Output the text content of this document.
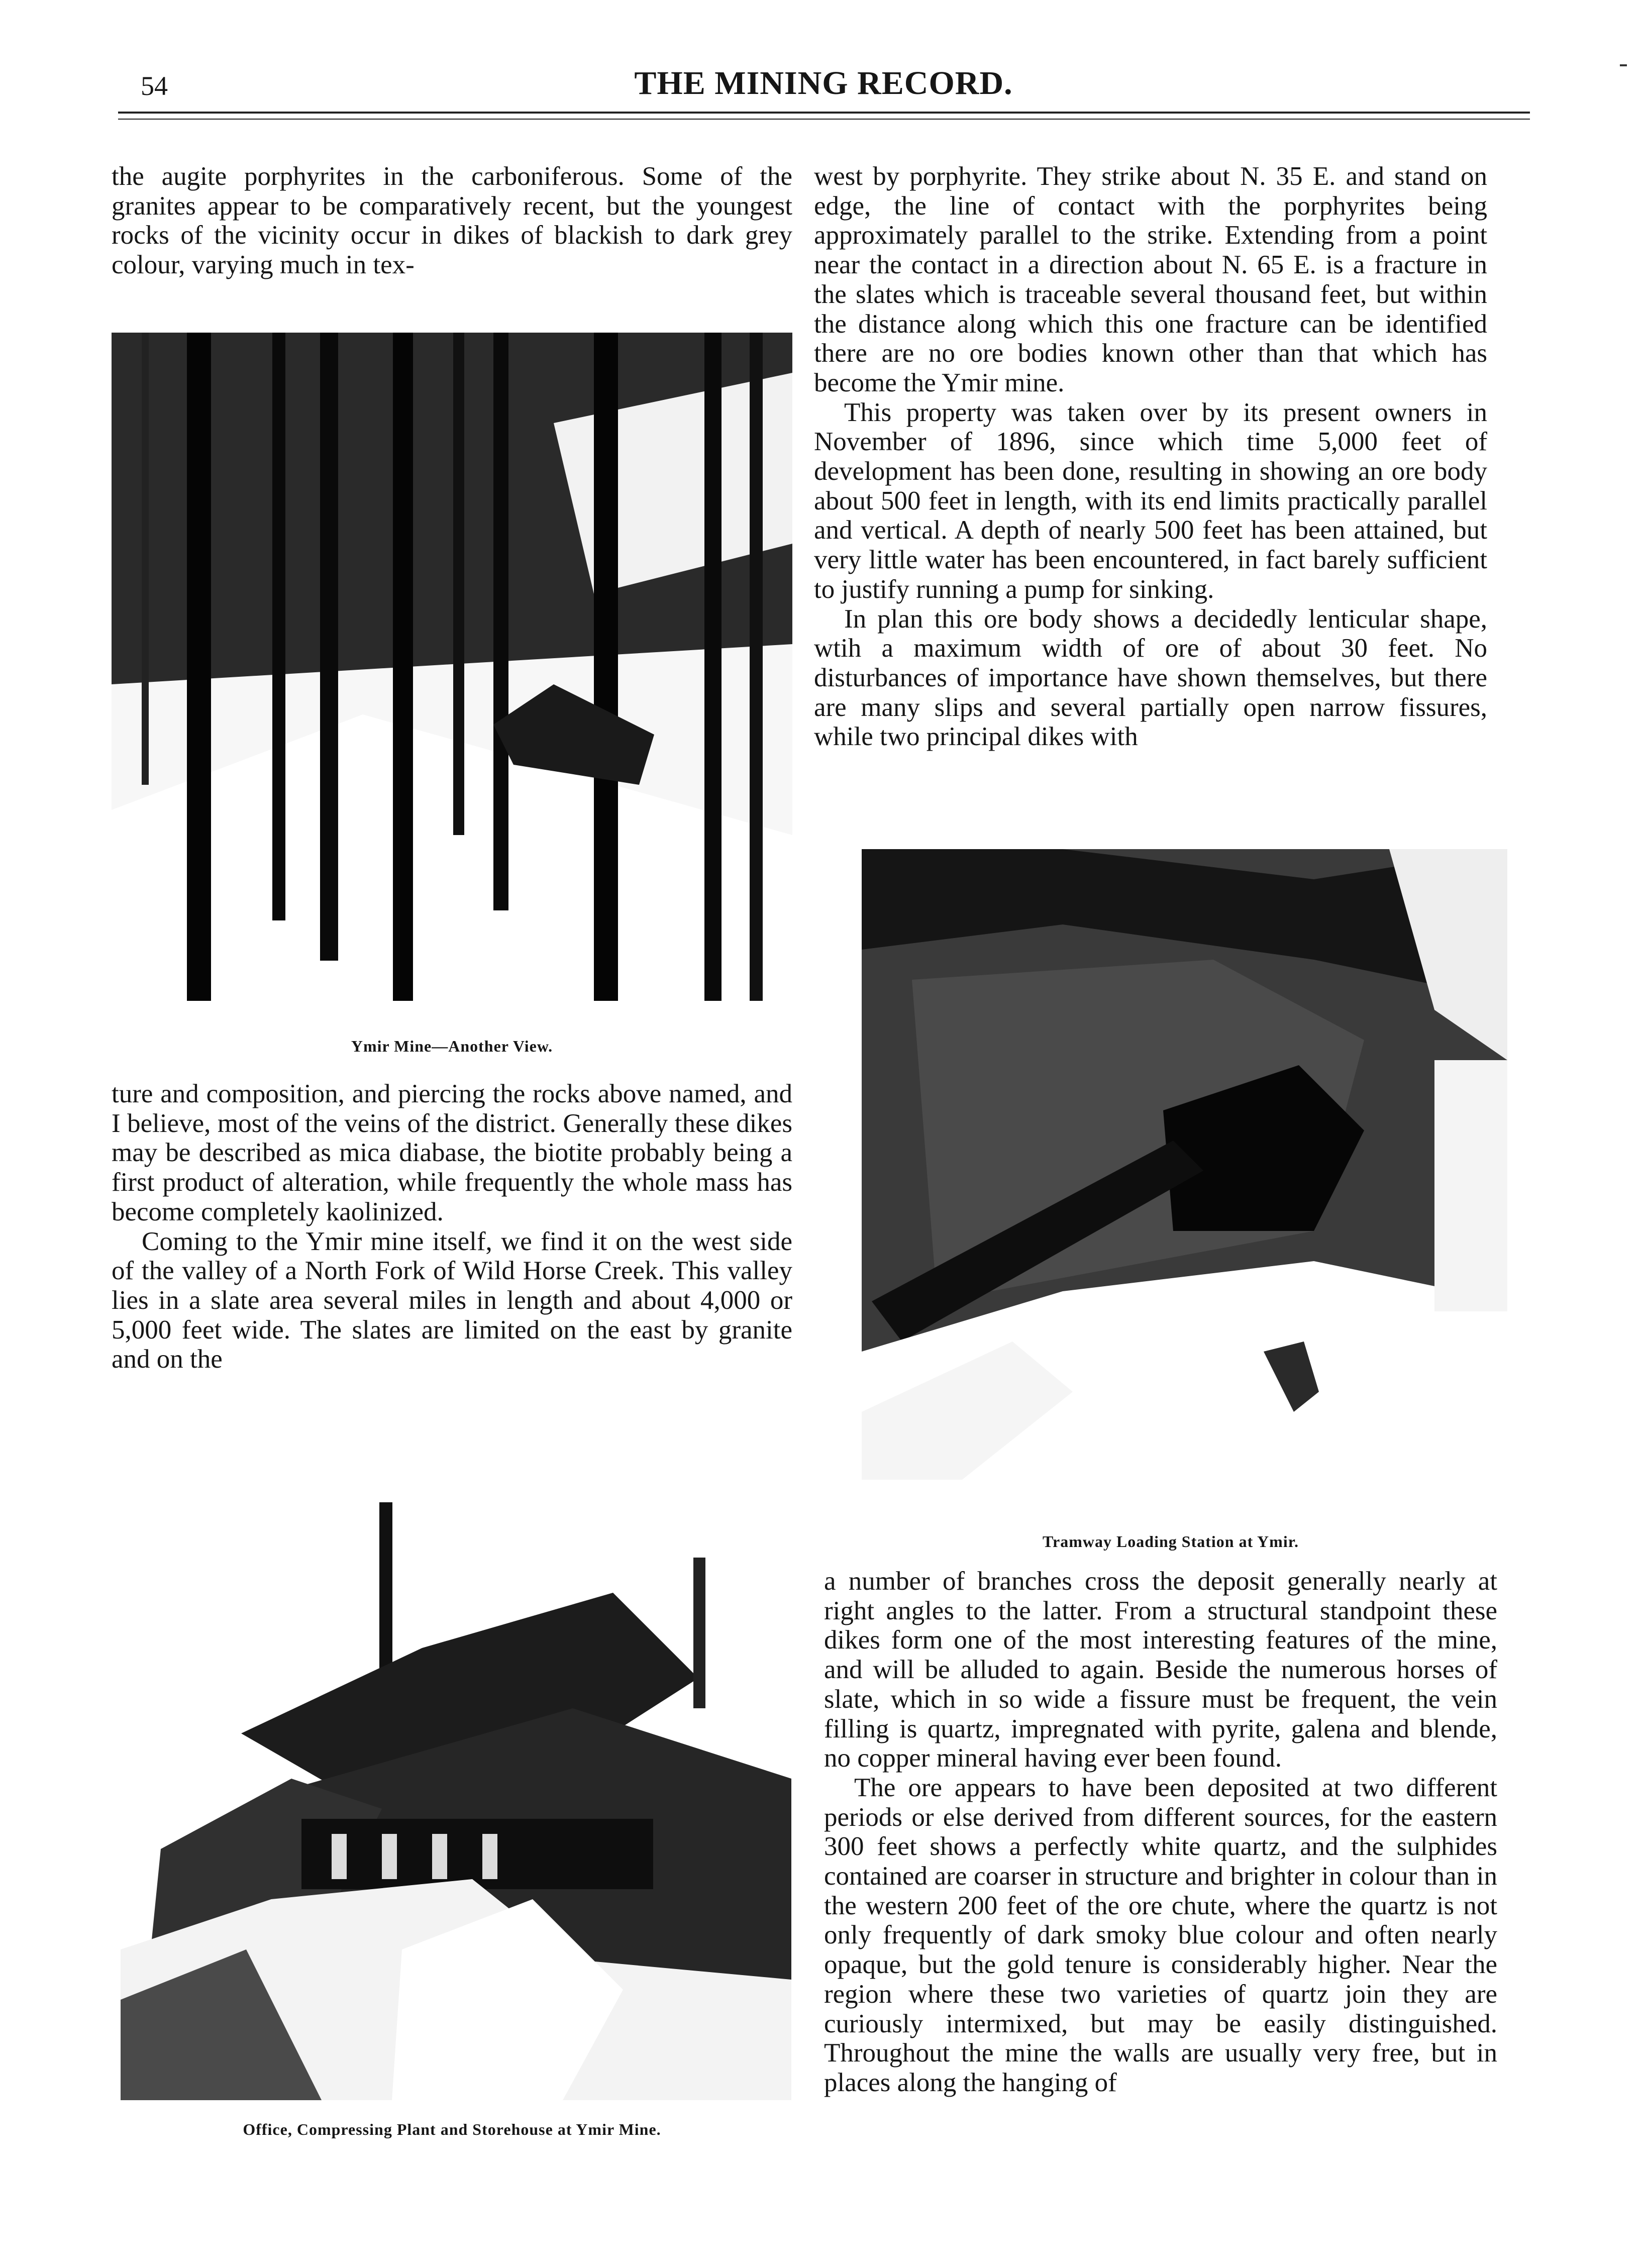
54	THE MINING RECORD.

the augite porphyrites in the carboniferous. Some of the granites appear to be comparatively recent, but the youngest rocks of the vicinity occur in dikes of blackish to dark grey colour, varying much in tex-

Ymir Mine—Another View.

ture and composition, and piercing the rocks above named, and I believe, most of the veins of the district. Generally these dikes may be described as mica diabase, the biotite probably being a first product of alteration, while frequently the whole mass has become completely kaolinized.

Coming to the Ymir mine itself, we find it on the west side of the valley of a North Fork of Wild Horse Creek. This valley lies in a slate area several miles in length and about 4,000 or 5,000 feet wide. The slates are limited on the east by granite and on the

Office, Compressing Plant and Storehouse at Ymir Mine.

west by porphyrite. They strike about N. 35 E. and stand on edge, the line of contact with the porphyrites being approximately parallel to the strike. Extending from a point near the contact in a direction about N. 65 E. is a fracture in the slates which is traceable several thousand feet, but within the distance along which this one fracture can be identified there are no ore bodies known other than that which has become the Ymir mine.

This property was taken over by its present owners in November of 1896, since which time 5,000 feet of development has been done, resulting in showing an ore body about 500 feet in length, with its end limits practically parallel and vertical. A depth of nearly 500 feet has been attained, but very little water has been encountered, in fact barely sufficient to justify running a pump for sinking.

In plan this ore body shows a decidedly lenticular shape, wtih a maximum width of ore of about 30 feet. No disturbances of importance have shown themselves, but there are many slips and several partially open narrow fissures, while two principal dikes with

Tramway Loading Station at Ymir.

a number of branches cross the deposit generally nearly at right angles to the latter. From a structural standpoint these dikes form one of the most interesting features of the mine, and will be alluded to again. Beside the numerous horses of slate, which in so wide a fissure must be frequent, the vein filling is quartz, impregnated with pyrite, galena and blende, no copper mineral having ever been found.

The ore appears to have been deposited at two different periods or else derived from different sources, for the eastern 300 feet shows a perfectly white quartz, and the sulphides contained are coarser in structure and brighter in colour than in the western 200 feet of the ore chute, where the quartz is not only frequently of dark smoky blue colour and often nearly opaque, but the gold tenure is considerably higher. Near the region where these two varieties of quartz join they are curiously intermixed, but may be easily distinguished. Throughout the mine the walls are usually very free, but in places along the hanging of
